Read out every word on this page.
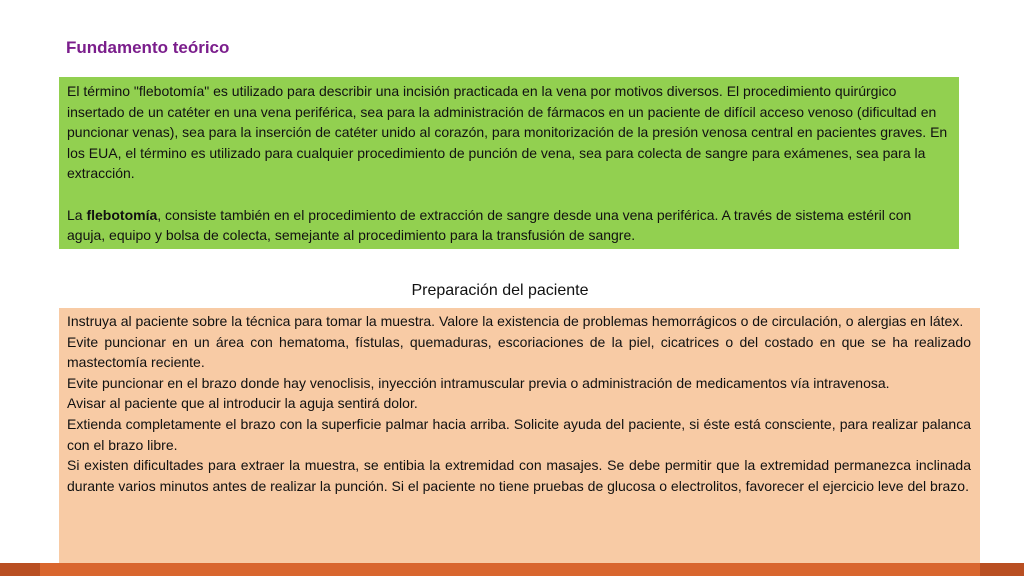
Fundamento teórico

El término "flebotomía" es utilizado para describir una incisión practicada en la vena por motivos diversos. El procedimiento quirúrgico insertado de un catéter en una vena periférica, sea para la administración de fármacos en un paciente de difícil acceso venoso (dificultad en puncionar venas), sea para la inserción de catéter unido al corazón, para monitorización de la presión venosa central en pacientes graves. En los EUA, el término es utilizado para cualquier procedimiento de punción de vena, sea para colecta de sangre para exámenes, sea para la extracción.

La flebotomía, consiste también en el procedimiento de extracción de sangre desde una vena periférica. A través de sistema estéril con aguja, equipo y bolsa de colecta, semejante al procedimiento para la transfusión de sangre.

Preparación del paciente

Instruya al paciente sobre la técnica para tomar la muestra. Valore la existencia de problemas hemorrágicos o de circulación, o alergias en látex.

Evite puncionar en un área con hematoma, fístulas, quemaduras, escoriaciones de la piel, cicatrices o del costado en que se ha realizado mastectomía reciente.

Evite puncionar en el brazo donde hay venoclisis, inyección intramuscular previa o administración de medicamentos vía intravenosa.

Avisar al paciente que al introducir la aguja sentirá dolor.

Extienda completamente el brazo con la superficie palmar hacia arriba. Solicite ayuda del paciente, si éste está consciente, para realizar palanca con el brazo libre.

Si existen dificultades para extraer la muestra, se entibia la extremidad con masajes. Se debe permitir que la extremidad permanezca inclinada durante varios minutos antes de realizar la punción. Si el paciente no tiene pruebas de glucosa o electrolitos, favorecer el ejercicio leve del brazo.
